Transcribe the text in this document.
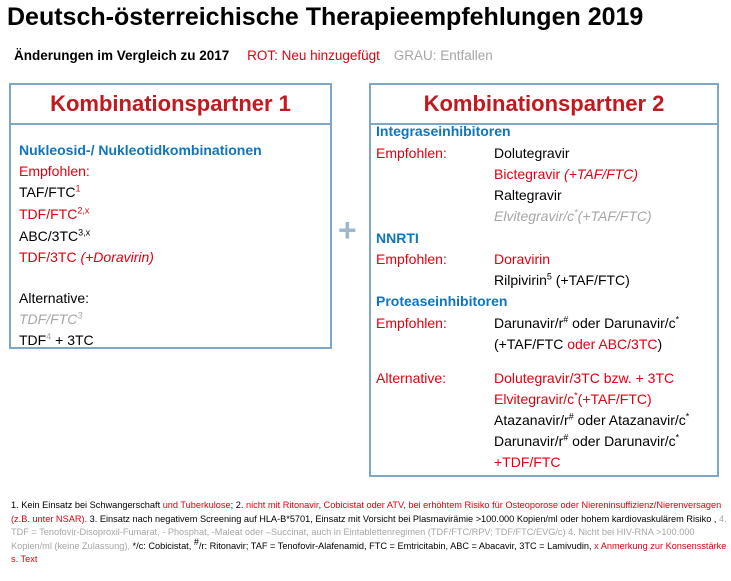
Deutsch-österreichische Therapieempfehlungen 2019
Änderungen im Vergleich zu 2017 ROT: Neu hinzugefügt GRAU: Entfallen
Kombinationspartner 1
Nukleosid-/ Nukleotidkombinationen
Empfohlen:
TAF/FTC$^1$
TDF/FTC$^{2,x}$
ABC/3TC$^{3,x}$
TDF/3TC (+Doravirin)
Alternative:
TDF/FTC$^3$
$TDF^4 + 3TC$
+
Kombinationspartner 2
Integraseinhibitoren
Empfohlen:	Dolutegravir
Bictegravir (+TAF/FTC)
Raltegravir
Elvitegravir/c*(+TAF/FTC)
NNRTI
Empfohlen:	Doravirin
Rilpivirin$^5$ (+TAF/FTC)
Proteaseinhibitoren
Empfohlen:	Darunavir/r# oder Darunavir/c*
(+TAF/FTC oder ABC/3TC)
Alternative:	Dolutegravir/3TC bzw. + 3TC
Elvitegravir/c*(+TAF/FTC)
Atazanavir/r# oder Atazanavir/c*
Darunavir/r# oder Darunavir/c*
+TDF/FTC
1. Kein Einsatz bei Schwangerschaft und Tuberkulose; 2. nicht mit Ritonavir, Cobicistat oder ATV, bei erhöhtem Risiko für Osteoporose oder Niereninsuffizienz/Nierenversagen (z.B. unter NSAR). 3. Einsatz nach negativem Screening auf HLA-B*5701, Einsatz mit Vorsicht bei Plasmavirämie >100.000 Kopien/ml oder hohem kardiovaskulärem Risiko , 4. TDF = Tenofovir-Disoproxil-Fumarat, - Phosphat, -Maleat oder –Succinat, auch in Eintablettenregimen (TDF/FTC/RPV; TDF/FTC/EVG/c) 4. Nicht bei HIV-RNA >100.000 Kopien/ml (keine Zulassung), */c: Cobicistat, #/r: Ritonavir; TAF = Tenofovir-Alafenamid, FTC = Emtricitabin, ABC = Abacavir, 3TC = Lamivudin, x Anmerkung zur Konsensstärke s. Text
